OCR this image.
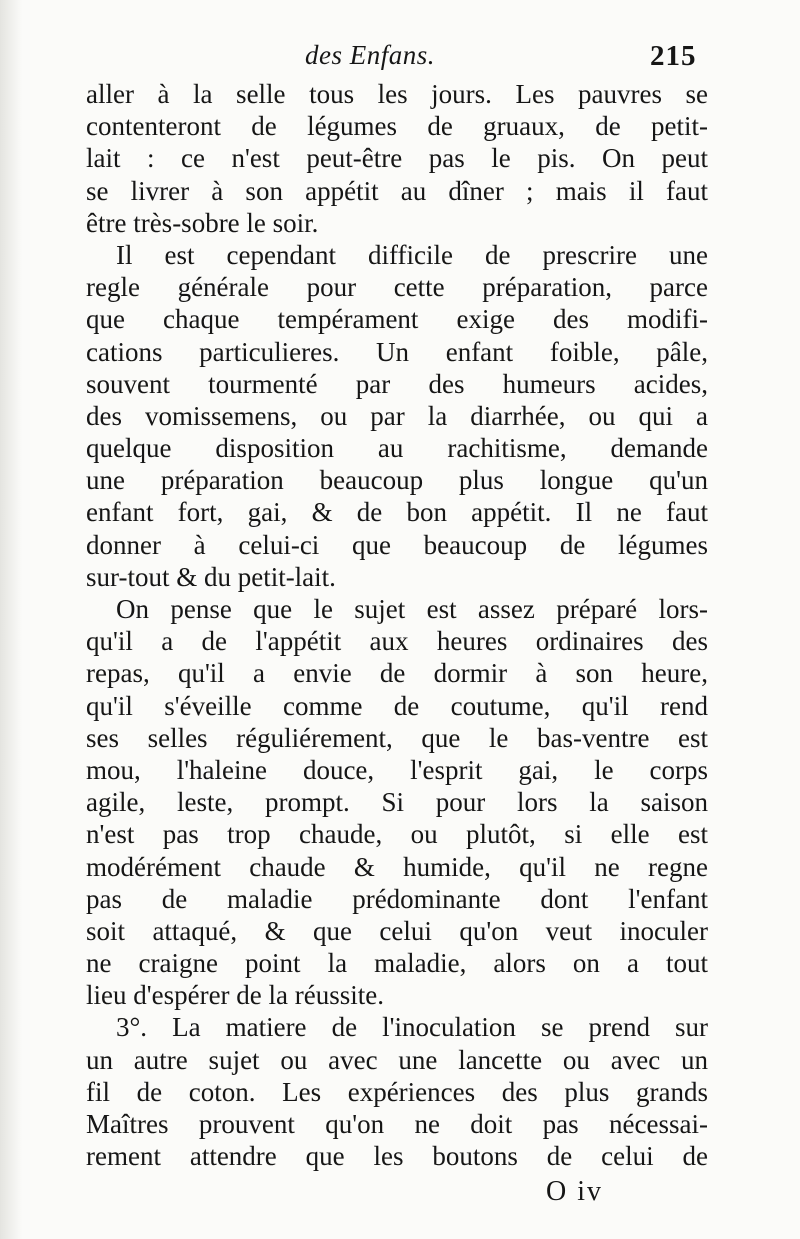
des Enfans.	215
aller à la selle tous les jours. Les pauvres se
contenteront de légumes de gruaux, de petit-
lait : ce n'est peut-être pas le pis. On peut
se livrer à son appétit au dîner ; mais il faut
être très-sobre le soir.
Il est cependant difficile de prescrire une
regle générale pour cette préparation, parce
que chaque tempérament exige des modifi-
cations particulieres. Un enfant foible, pâle,
souvent tourmenté par des humeurs acides,
des vomissemens, ou par la diarrhée, ou qui a
quelque disposition au rachitisme, demande
une préparation beaucoup plus longue qu'un
enfant fort, gai, & de bon appétit. Il ne faut
donner à celui-ci que beaucoup de légumes
sur-tout & du petit-lait.
On pense que le sujet est assez préparé lors-
qu'il a de l'appétit aux heures ordinaires des
repas, qu'il a envie de dormir à son heure,
qu'il s'éveille comme de coutume, qu'il rend
ses selles réguliérement, que le bas-ventre est
mou, l'haleine douce, l'esprit gai, le corps
agile, leste, prompt. Si pour lors la saison
n'est pas trop chaude, ou plutôt, si elle est
modérément chaude & humide, qu'il ne regne
pas de maladie prédominante dont l'enfant
soit attaqué, & que celui qu'on veut inoculer
ne craigne point la maladie, alors on a tout
lieu d'espérer de la réussite.
3°. La matiere de l'inoculation se prend sur
un autre sujet ou avec une lancette ou avec un
fil de coton. Les expériences des plus grands
Maîtres prouvent qu'on ne doit pas nécessai-
rement attendre que les boutons de celui de
O iv
